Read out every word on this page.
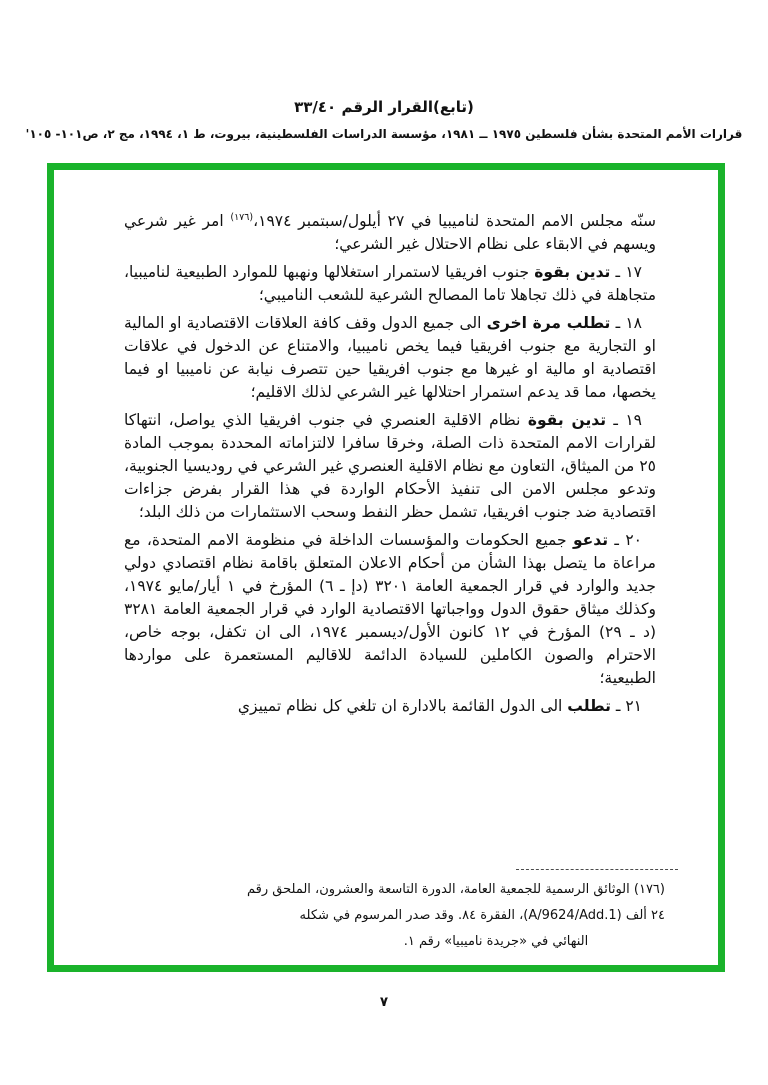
(تابع)القرار الرقم ٣٣/٤٠
قرارات الأمم المتحدة بشأن فلسطين ١٩٧٥ ــ ١٩٨١، مؤسسة الدراسات الفلسطينية، بيروت، ط ١، ١٩٩٤، مج ٢، ص١٠١- ١٠٥'

سنّه مجلس الامم المتحدة لناميبيا في ٢٧ أيلول/سبتمبر ١٩٧٤،$^{(١٧٦)}$ امر غير شرعي ويسهم في الابقاء على نظام الاحتلال غير الشرعي؛

١٧ ـ تدين بقوة جنوب افريقيا لاستمرار استغلالها ونهبها للموارد الطبيعية لناميبيا، متجاهلة في ذلك تجاهلا تاما المصالح الشرعية للشعب الناميبي؛

١٨ ـ تطلب مرة اخرى الى جميع الدول وقف كافة العلاقات الاقتصادية او المالية او التجارية مع جنوب افريقيا فيما يخص ناميبيا، والامتناع عن الدخول في علاقات اقتصادية او مالية او غيرها مع جنوب افريقيا حين تتصرف نيابة عن ناميبيا او فيما يخصها، مما قد يدعم استمرار احتلالها غير الشرعي لذلك الاقليم؛

١٩ ـ تدين بقوة نظام الاقلية العنصري في جنوب افريقيا الذي يواصل، انتهاكا لقرارات الامم المتحدة ذات الصلة، وخرقا سافرا لالتزاماته المحددة بموجب المادة ٢٥ من الميثاق، التعاون مع نظام الاقلية العنصري غير الشرعي في روديسيا الجنوبية، وتدعو مجلس الامن الى تنفيذ الأحكام الواردة في هذا القرار بفرض جزاءات اقتصادية ضد جنوب افريقيا، تشمل حظر النفط وسحب الاستثمارات من ذلك البلد؛

٢٠ ـ تدعو جميع الحكومات والمؤسسات الداخلة في منظومة الامم المتحدة، مع مراعاة ما يتصل بهذا الشأن من أحكام الاعلان المتعلق باقامة نظام اقتصادي دولي جديد والوارد في قرار الجمعية العامة ٣٢٠١ (دإ ـ ٦) المؤرخ في ١ أيار/مايو ١٩٧٤، وكذلك ميثاق حقوق الدول وواجباتها الاقتصادية الوارد في قرار الجمعية العامة ٣٢٨١ (د ـ ٢٩) المؤرخ في ١٢ كانون الأول/ديسمبر ١٩٧٤، الى ان تكفل، بوجه خاص، الاحترام والصون الكاملين للسيادة الدائمة للاقاليم المستعمرة على مواردها الطبيعية؛

٢١ ـ تطلب الى الدول القائمة بالادارة ان تلغي كل نظام تمييزي

(١٧٦) الوثائق الرسمية للجمعية العامة، الدورة التاسعة والعشرون، الملحق رقم
٢٤ ألف (A/9624/Add.1)، الفقرة ٨٤. وقد صدر المرسوم في شكله
النهائي في «جريدة ناميبيا» رقم ١.
٧
